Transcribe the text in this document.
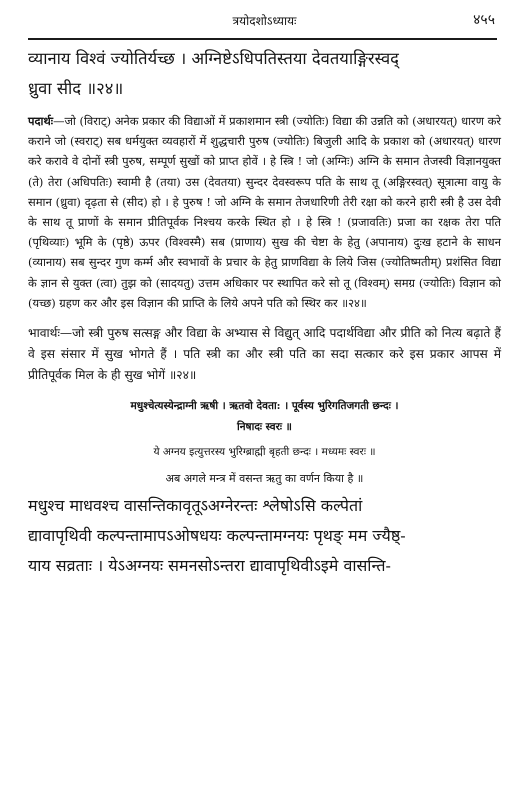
त्रयोदशोऽध्यायः	४५५
व्यानाय विश्वं ज्योतिर्यच्छ । अग्निष्टेऽधिपतिस्तया देवतयाङ्गिरस्वद्
ध्रुवा सीद ॥२४॥
पदार्थः—जो (विराट्) अनेक प्रकार की विद्याओं में प्रकाशमान स्त्री (ज्योतिः) विद्या की उन्नति को (अधारयत्) धारण करे कराने जो (स्वराट्) सब धर्मयुक्त व्यवहारों में शुद्धचारी पुरुष (ज्योतिः) बिजुली आदि के प्रकाश को (अधारयत्) धारण करे करावे वे दोनों स्त्री पुरुष, सम्पूर्ण सुखों को प्राप्त होवें । हे स्त्रि ! जो (अग्निः) अग्नि के समान तेजस्वी विज्ञानयुक्त (ते) तेरा (अधिपतिः) स्वामी है (तया) उस (देवतया) सुन्दर देवस्वरूप पति के साथ तू (अङ्गिरस्वत्) सूत्रात्मा वायु के समान (ध्रुवा) दृढ़ता से (सीद) हो । हे पुरुष ! जो अग्नि के समान तेजधारिणी तेरी रक्षा को करने हारी स्त्री है उस देवी के साथ तू प्राणों के समान प्रीतिपूर्वक निश्चय करके स्थित हो । हे स्त्रि ! (प्रजावतिः) प्रजा का रक्षक तेरा पति (पृथिव्याः) भूमि के (पृष्ठे) ऊपर (विश्वस्मै) सब (प्राणाय) सुख की चेष्टा के हेतु (अपानाय) दुःख हटाने के साधन (व्यानाय) सब सुन्दर गुण कर्म्म और स्वभावों के प्रचार के हेतु प्राणविद्या के लिये जिस (ज्योतिष्मतीम्) प्रशंसित विद्या के ज्ञान से युक्त (त्वा) तुझ को (सादयतु) उत्तम अधिकार पर स्थापित करे सो तू (विश्वम्) समग्र (ज्योतिः) विज्ञान को (यच्छ) ग्रहण कर और इस विज्ञान की प्राप्ति के लिये अपने पति को स्थिर कर ॥२४॥
भावार्थः—जो स्त्री पुरुष सत्सङ्ग और विद्या के अभ्यास से विद्युत् आदि पदार्थविद्या और प्रीति को नित्य बढ़ाते हैं वे इस संसार में सुख भोगते हैं । पति स्त्री का और स्त्री पति का सदा सत्कार करे इस प्रकार आपस में प्रीतिपूर्वक मिल के ही सुख भोगें ॥२४॥
मधुश्चेत्यस्येन्द्राग्नी ऋषी । ऋतवो देवता: । पूर्वस्य भुरिगतिजगती छन्दः ।
निषादः स्वरः ॥
ये अग्नय इत्युत्तरस्य भुरिग्ब्राह्मी बृहती छन्दः । मध्यमः स्वरः ॥
अब अगले मन्त्र में वसन्त ऋतु का वर्णन किया है ॥
मधुश्च माधवश्च वासन्तिकावृतूऽअग्नेरन्तः श्लेषोऽसि कल्पेतां
द्यावापृथिवी कल्पन्तामापऽओषधयः कल्पन्तामग्नयः पृथङ् मम ज्यैष्ठ्-
याय सव्रताः । येऽअग्नयः समनसोऽन्तरा द्यावापृथिवीऽइमे वासन्ति-
